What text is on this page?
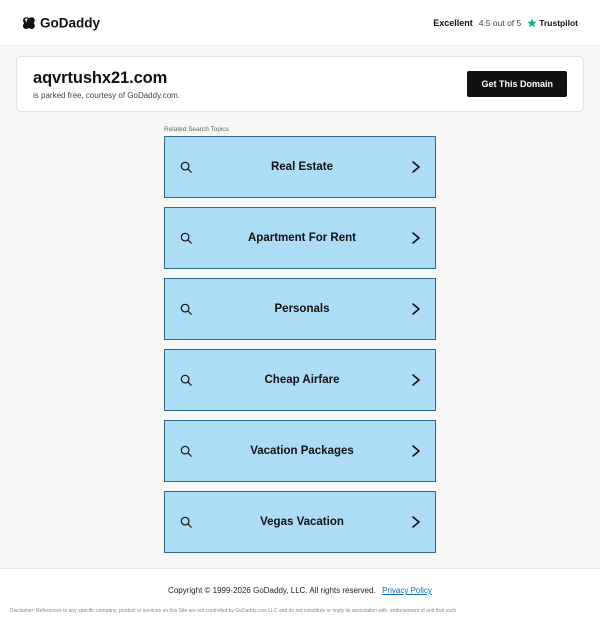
GoDaddy	Excellent 4.5 out of 5 Trustpilot
aqvrtushx21.com
is parked free, courtesy of GoDaddy.com.
Get This Domain
Related Search Topics
Real Estate
Apartment For Rent
Personals
Cheap Airfare
Vacation Packages
Vegas Vacation
Copyright © 1999-2026 GoDaddy, LLC. All rights reserved. Privacy Policy
Disclaimer: References to any specific company, product or services on this Site are not controlled by GoDaddy.com LLC and do not constitute or imply its association with, endorsement of and that such
